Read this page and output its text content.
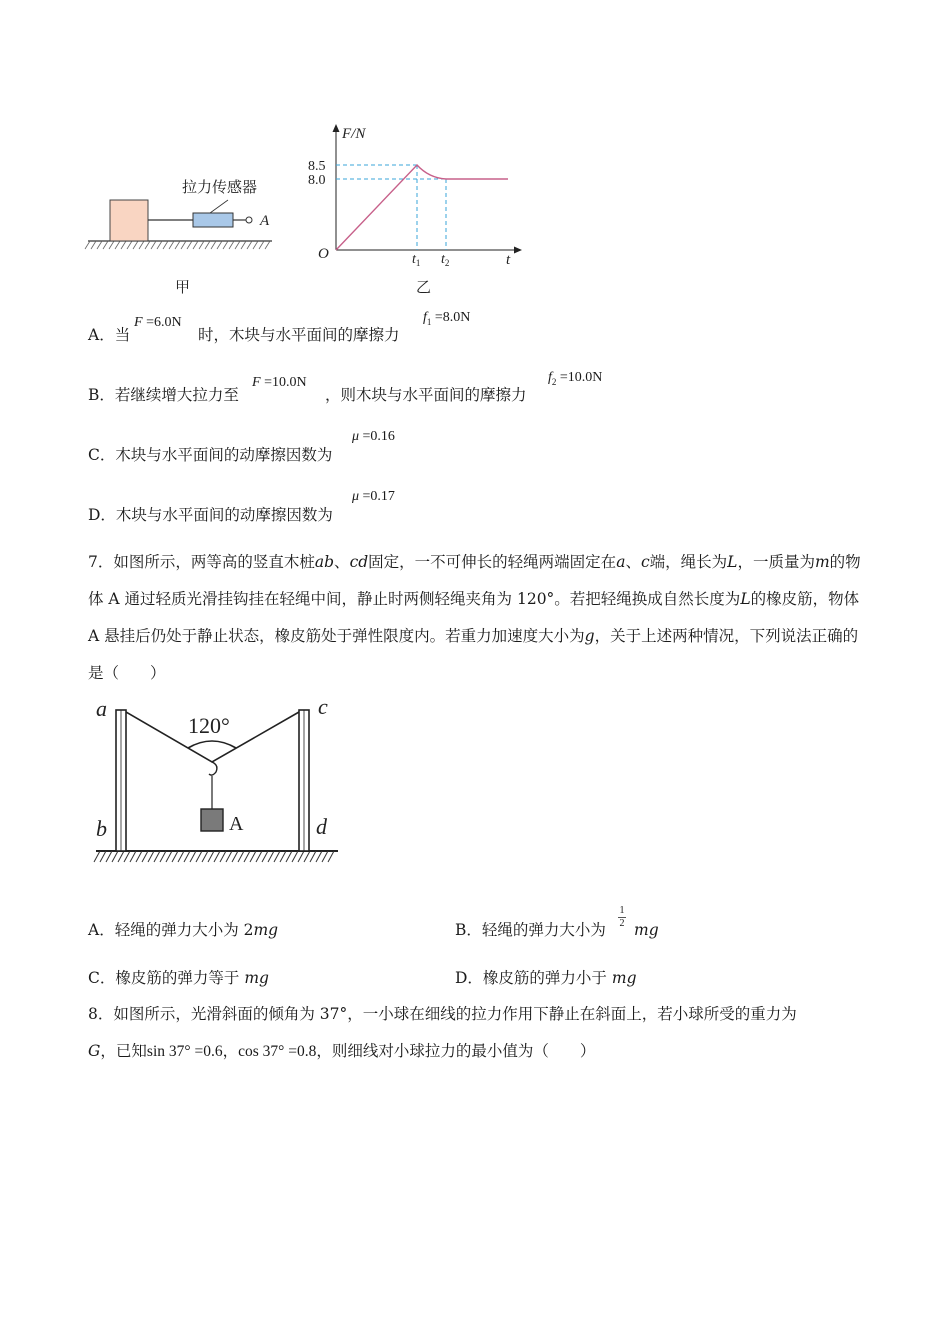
拉力传感器
A
甲
F/N
8.5
8.0
O	t
$t_1$ $t_2$
乙
A．当
F =6.0N
时，木块与水平面间的摩擦力
$f_1 =8.0N$
B．若继续增大拉力至
F =10.0N
，则木块与水平面间的摩擦力
$f_2 =10.0N$
C．木块与水平面间的动摩擦因数为
μ =0.16
D．木块与水平面间的动摩擦因数为
μ =0.17
7．如图所示，两等高的竖直木桩ab、cd固定，一不可伸长的轻绳两端固定在a、c端，绳长为L，一质量为m的物体 A 通过轻质光滑挂钩挂在轻绳中间，静止时两侧轻绳夹角为 120°。若把轻绳换成自然长度为L的橡皮筋，物体 A 悬挂后仍处于静止状态，橡皮筋处于弹性限度内。若重力加速度大小为g，关于上述两种情况，下列说法正确的是（　　）
a
b
c
d
120°
A
A．轻绳的弹力大小为 2mg	B．轻绳的弹力大小为
1
2 mg
C．橡皮筋的弹力等于 mg	D．橡皮筋的弹力小于 mg
8．如图所示，光滑斜面的倾角为 37°，一小球在细线的拉力作用下静止在斜面上，若小球所受的重力为
G，已知sin 37° =0.6，cos 37° =0.8，则细线对小球拉力的最小值为（　　）
